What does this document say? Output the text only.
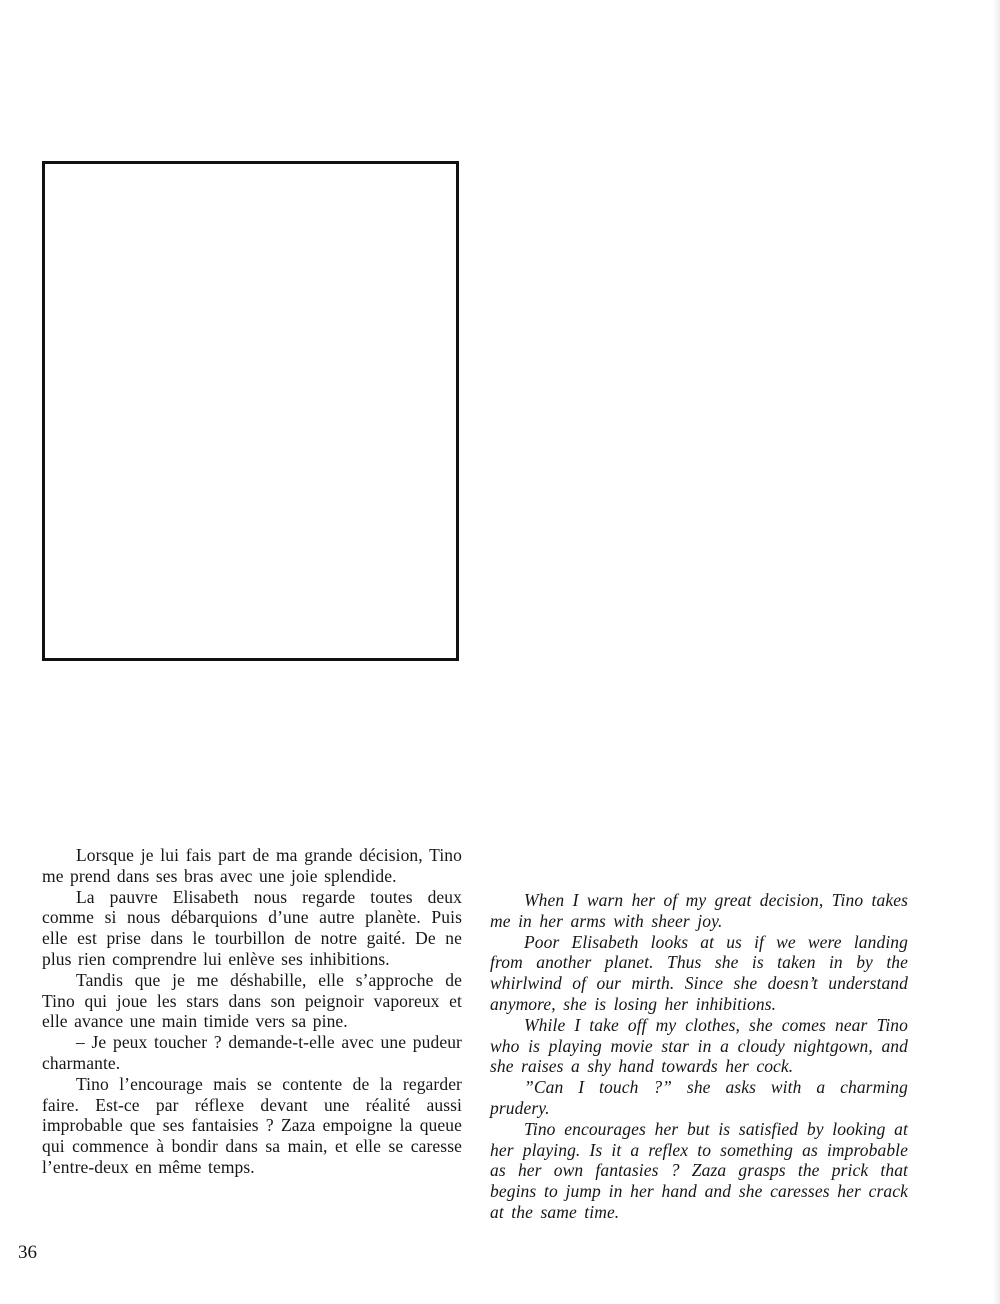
Lorsque je lui fais part de ma grande décision, Tino me prend dans ses bras avec une joie splendide.

La pauvre Elisabeth nous regarde toutes deux comme si nous débarquions d’une autre planète. Puis elle est prise dans le tourbillon de notre gaité. De ne plus rien comprendre lui enlève ses inhibitions.

Tandis que je me déshabille, elle s’approche de Tino qui joue les stars dans son peignoir vaporeux et elle avance une main timide vers sa pine.

– Je peux toucher ? demande-t-elle avec une pudeur charmante.

Tino l’encourage mais se contente de la regarder faire. Est-ce par réflexe devant une réalité aussi improbable que ses fantaisies ? Zaza empoigne la queue qui commence à bondir dans sa main, et elle se caresse l’entre-deux en même temps.

When I warn her of my great decision, Tino takes me in her arms with sheer joy.

Poor Elisabeth looks at us if we were landing from another planet. Thus she is taken in by the whirlwind of our mirth. Since she doesn’t understand anymore, she is losing her inhibitions.

While I take off my clothes, she comes near Tino who is playing movie star in a cloudy nightgown, and she raises a shy hand towards her cock.

”Can I touch ?” she asks with a charming prudery.

Tino encourages her but is satisfied by looking at her playing. Is it a reflex to something as improbable as her own fantasies ? Zaza grasps the prick that begins to jump in her hand and she caresses her crack at the same time.

36
